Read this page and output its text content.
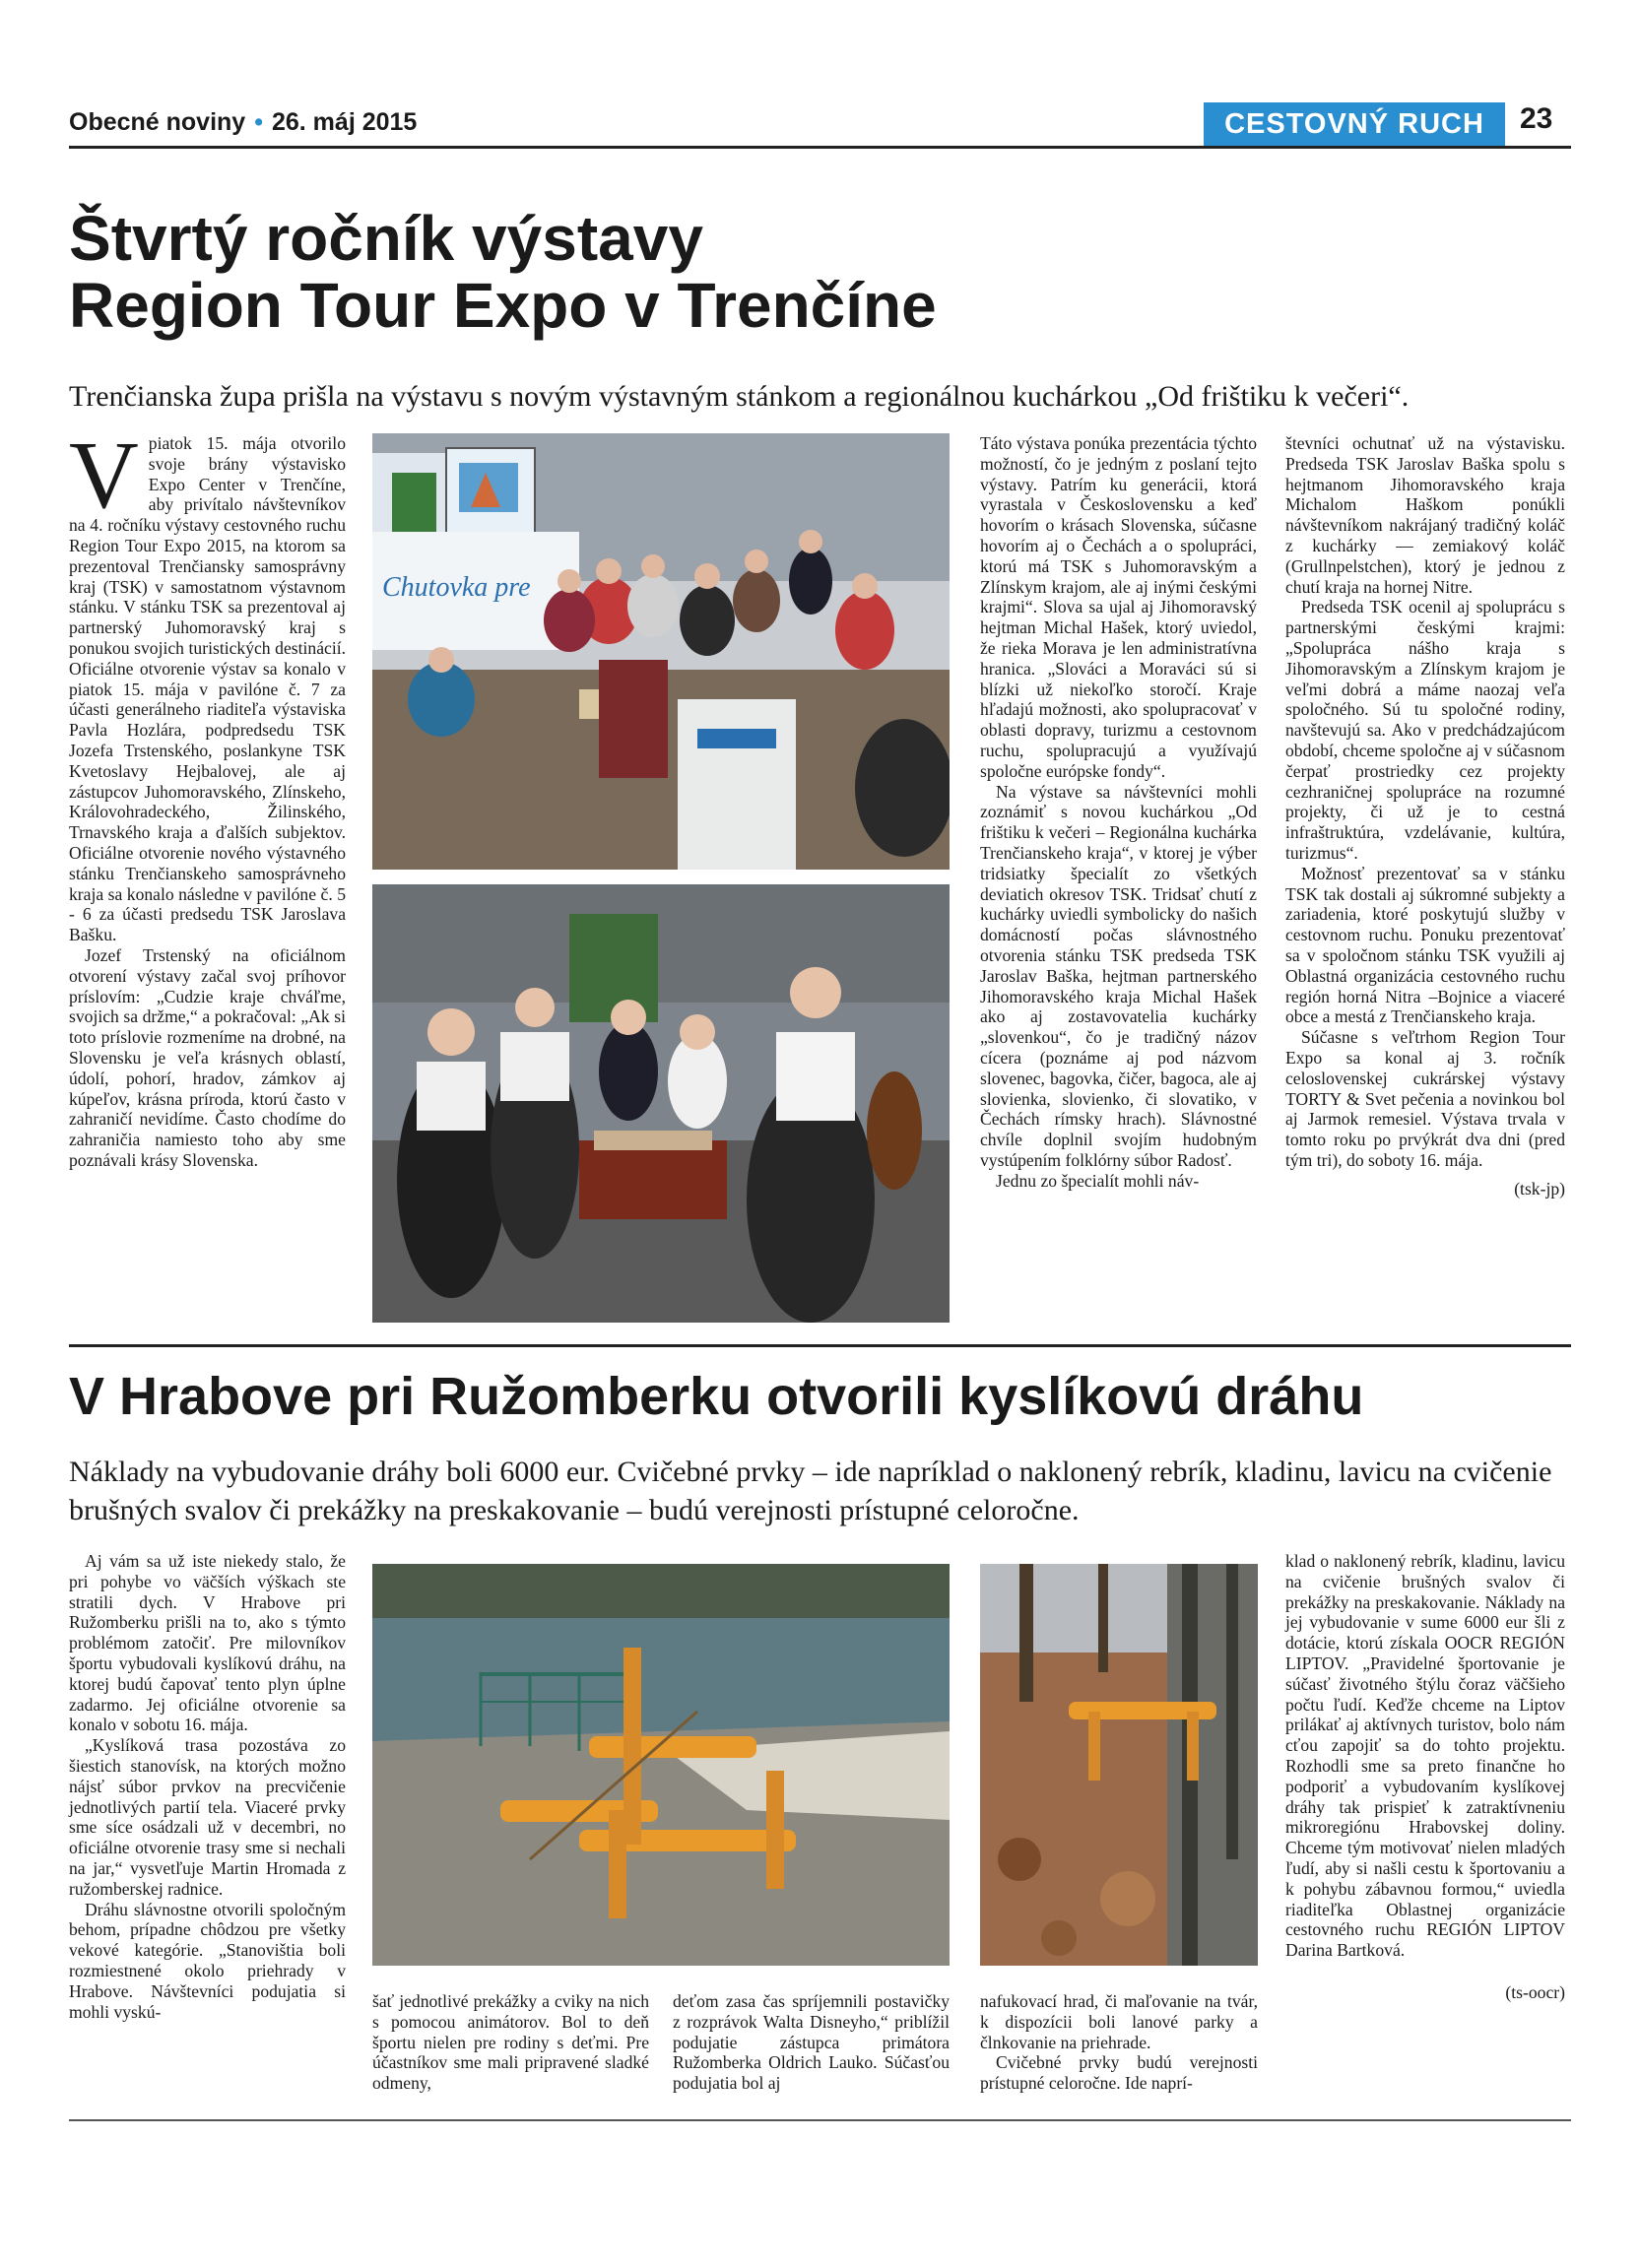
Obecné noviny • 26. máj 2015	CESTOVNÝ RUCH	23
Štvrtý ročník výstavy
Region Tour Expo v Trenčíne
Trenčianska župa prišla na výstavu s novým výstavným stánkom a regionálnou kuchárkou „Od frištiku k večeri“.

Vpiatok 15. mája otvorilo svoje brány výstavisko Expo Center v Trenčíne, aby privítalo návštevníkov na 4. ročníku výstavy cestovného ruchu Region Tour Expo 2015, na ktorom sa prezentoval Trenčiansky samosprávny kraj (TSK) v samostatnom výstavnom stánku. V stánku TSK sa prezentoval aj partnerský Juhomoravský kraj s ponukou svojich turistických destinácií. Oficiálne otvorenie výstav sa konalo v piatok 15. mája v pavilóne č. 7 za účasti generálneho riaditeľa výstaviska Pavla Hozlára, podpredsedu TSK Jozefa Trstenského, poslankyne TSK Kvetoslavy Hejbalovej, ale aj zástupcov Juhomoravského, Zlínskeho, Královohradeckého, Žilinského, Trnavského kraja a ďalších subjektov. Oficiálne otvorenie nového výstavného stánku Trenčianskeho samosprávneho kraja sa konalo následne v pavilóne č. 5 - 6 za účasti predsedu TSK Jaroslava Bašku.

Jozef Trstenský na oficiálnom otvorení výstavy začal svoj príhovor príslovím: „Cudzie kraje chváľme, svojich sa držme,“ a pokračoval: „Ak si toto príslovie rozmeníme na drobné, na Slovensku je veľa krásnych oblastí, údolí, pohorí, hradov, zámkov aj kúpeľov, krásna príroda, ktorú často v zahraničí nevidíme. Často chodíme do zahraničia namiesto toho aby sme poznávali krásy Slovenska.

Chutovka pre

Táto výstava ponúka prezentácia týchto možností, čo je jedným z poslaní tejto výstavy. Patrím ku generácii, ktorá vyrastala v Československu a keď hovorím o krásach Slovenska, súčasne hovorím aj o Čechách a o spolupráci, ktorú má TSK s Juhomoravským a Zlínskym krajom, ale aj inými českými krajmi“. Slova sa ujal aj Jihomoravský hejtman Michal Hašek, ktorý uviedol, že rieka Morava je len administratívna hranica. „Slováci a Moraváci sú si blízki už niekoľko storočí. Kraje hľadajú možnosti, ako spolupracovať v oblasti dopravy, turizmu a cestovnom ruchu, spolupracujú a využívajú spoločne európske fondy“.

Na výstave sa návštevníci mohli zoznámiť s novou kuchárkou „Od frištiku k večeri – Regionálna kuchárka Trenčianskeho kraja“, v ktorej je výber tridsiatky špecialít zo všetkých deviatich okresov TSK. Tridsať chutí z kuchárky uviedli symbolicky do našich domácností počas slávnostného otvorenia stánku TSK predseda TSK Jaroslav Baška, hejtman partnerského Jihomoravského kraja Michal Hašek ako aj zostavovatelia kuchárky „slovenkou“, čo je tradičný názov cícera (poznáme aj pod názvom slovenec, bagovka, čičer, bagoca, ale aj slovienka, slovienko, či slovatiko, v Čechách rímsky hrach). Slávnostné chvíle doplnil svojím hudobným vystúpením folklórny súbor Radosť.

Jednu zo špecialít mohli náv-

števníci ochutnať už na výstavisku. Predseda TSK Jaroslav Baška spolu s hejtmanom Jihomoravského kraja Michalom Haškom ponúkli návštevníkom nakrájaný tradičný koláč z kuchárky –– zemiakový koláč (Grullnpelstchen), ktorý je jednou z chutí kraja na hornej Nitre.

Predseda TSK ocenil aj spoluprácu s partnerskými českými krajmi: „Spolupráca nášho kraja s Jihomoravským a Zlínskym krajom je veľmi dobrá a máme naozaj veľa spoločného. Sú tu spoločné rodiny, navštevujú sa. Ako v predchádzajúcom období, chceme spoločne aj v súčasnom čerpať prostriedky cez projekty cezhraničnej spolupráce na rozumné projekty, či už je to cestná infraštruktúra, vzdelávanie, kultúra, turizmus“.

Možnosť prezentovať sa v stánku TSK tak dostali aj súkromné subjekty a zariadenia, ktoré poskytujú služby v cestovnom ruchu. Ponuku prezentovať sa v spoločnom stánku TSK využili aj Oblastná organizácia cestovného ruchu región horná Nitra –Bojnice a viaceré obce a mestá z Trenčianskeho kraja.

Súčasne s veľtrhom Region Tour Expo sa konal aj 3. ročník celoslovenskej cukrárskej výstavy TORTY & Svet pečenia a novinkou bol aj Jarmok remesiel. Výstava trvala v tomto roku po prvýkrát dva dni (pred tým tri), do soboty 16. mája.

(tsk-jp)
V Hrabove pri Ružomberku otvorili kyslíkovú dráhu
Náklady na vybudovanie dráhy boli 6000 eur. Cvičebné prvky – ide napríklad o naklonený rebrík, kladinu, lavicu na cvičenie brušných svalov či prekážky na preskakovanie – budú verejnosti prístupné celoročne.

Aj vám sa už iste niekedy stalo, že pri pohybe vo väčších výškach ste stratili dych. V Hrabove pri Ružomberku prišli na to, ako s týmto problémom zatočiť. Pre milovníkov športu vybudovali kyslíkovú dráhu, na ktorej budú čapovať tento plyn úplne zadarmo. Jej oficiálne otvorenie sa konalo v sobotu 16. mája.

„Kyslíková trasa pozostáva zo šiestich stanovísk, na ktorých možno nájsť súbor prvkov na precvičenie jednotlivých partií tela. Viaceré prvky sme síce osádzali už v decembri, no oficiálne otvorenie trasy sme si nechali na jar,“ vysvetľuje Martin Hromada z ružomberskej radnice.

Dráhu slávnostne otvorili spoločným behom, prípadne chôdzou pre všetky vekové kategórie. „Stanovištia boli rozmiestnené okolo priehrady v Hrabove. Návštevníci podujatia si mohli vyskú-

šať jednotlivé prekážky a cviky na nich s pomocou animátorov. Bol to deň športu nielen pre rodiny s deťmi. Pre účastníkov sme mali pripravené sladké odmeny,

deťom zasa čas spríjemnili postavičky z rozprávok Walta Disneyho,“ priblížil podujatie zástupca primátora Ružomberka Oldrich Lauko. Súčasťou podujatia bol aj

nafukovací hrad, či maľovanie na tvár, k dispozícii boli lanové parky a člnkovanie na priehrade.

Cvičebné prvky budú verejnosti prístupné celoročne. Ide naprí-

klad o naklonený rebrík, kladinu, lavicu na cvičenie brušných svalov či prekážky na preskakovanie. Náklady na jej vybudovanie v sume 6000 eur šli z dotácie, ktorú získala OOCR REGIÓN LIPTOV. „Pravidelné športovanie je súčasť životného štýlu čoraz väčšieho počtu ľudí. Keďže chceme na Liptov prilákať aj aktívnych turistov, bolo nám cťou zapojiť sa do tohto projektu. Rozhodli sme sa preto finančne ho podporiť a vybudovaním kyslíkovej dráhy tak prispieť k zatraktívneniu mikroregiónu Hrabovskej doliny. Chceme tým motivovať nielen mladých ľudí, aby si našli cestu k športovaniu a k pohybu zábavnou formou,“ uviedla riaditeľka Oblastnej organizácie cestovného ruchu REGIÓN LIPTOV Darina Bartková.

(ts-oocr)
